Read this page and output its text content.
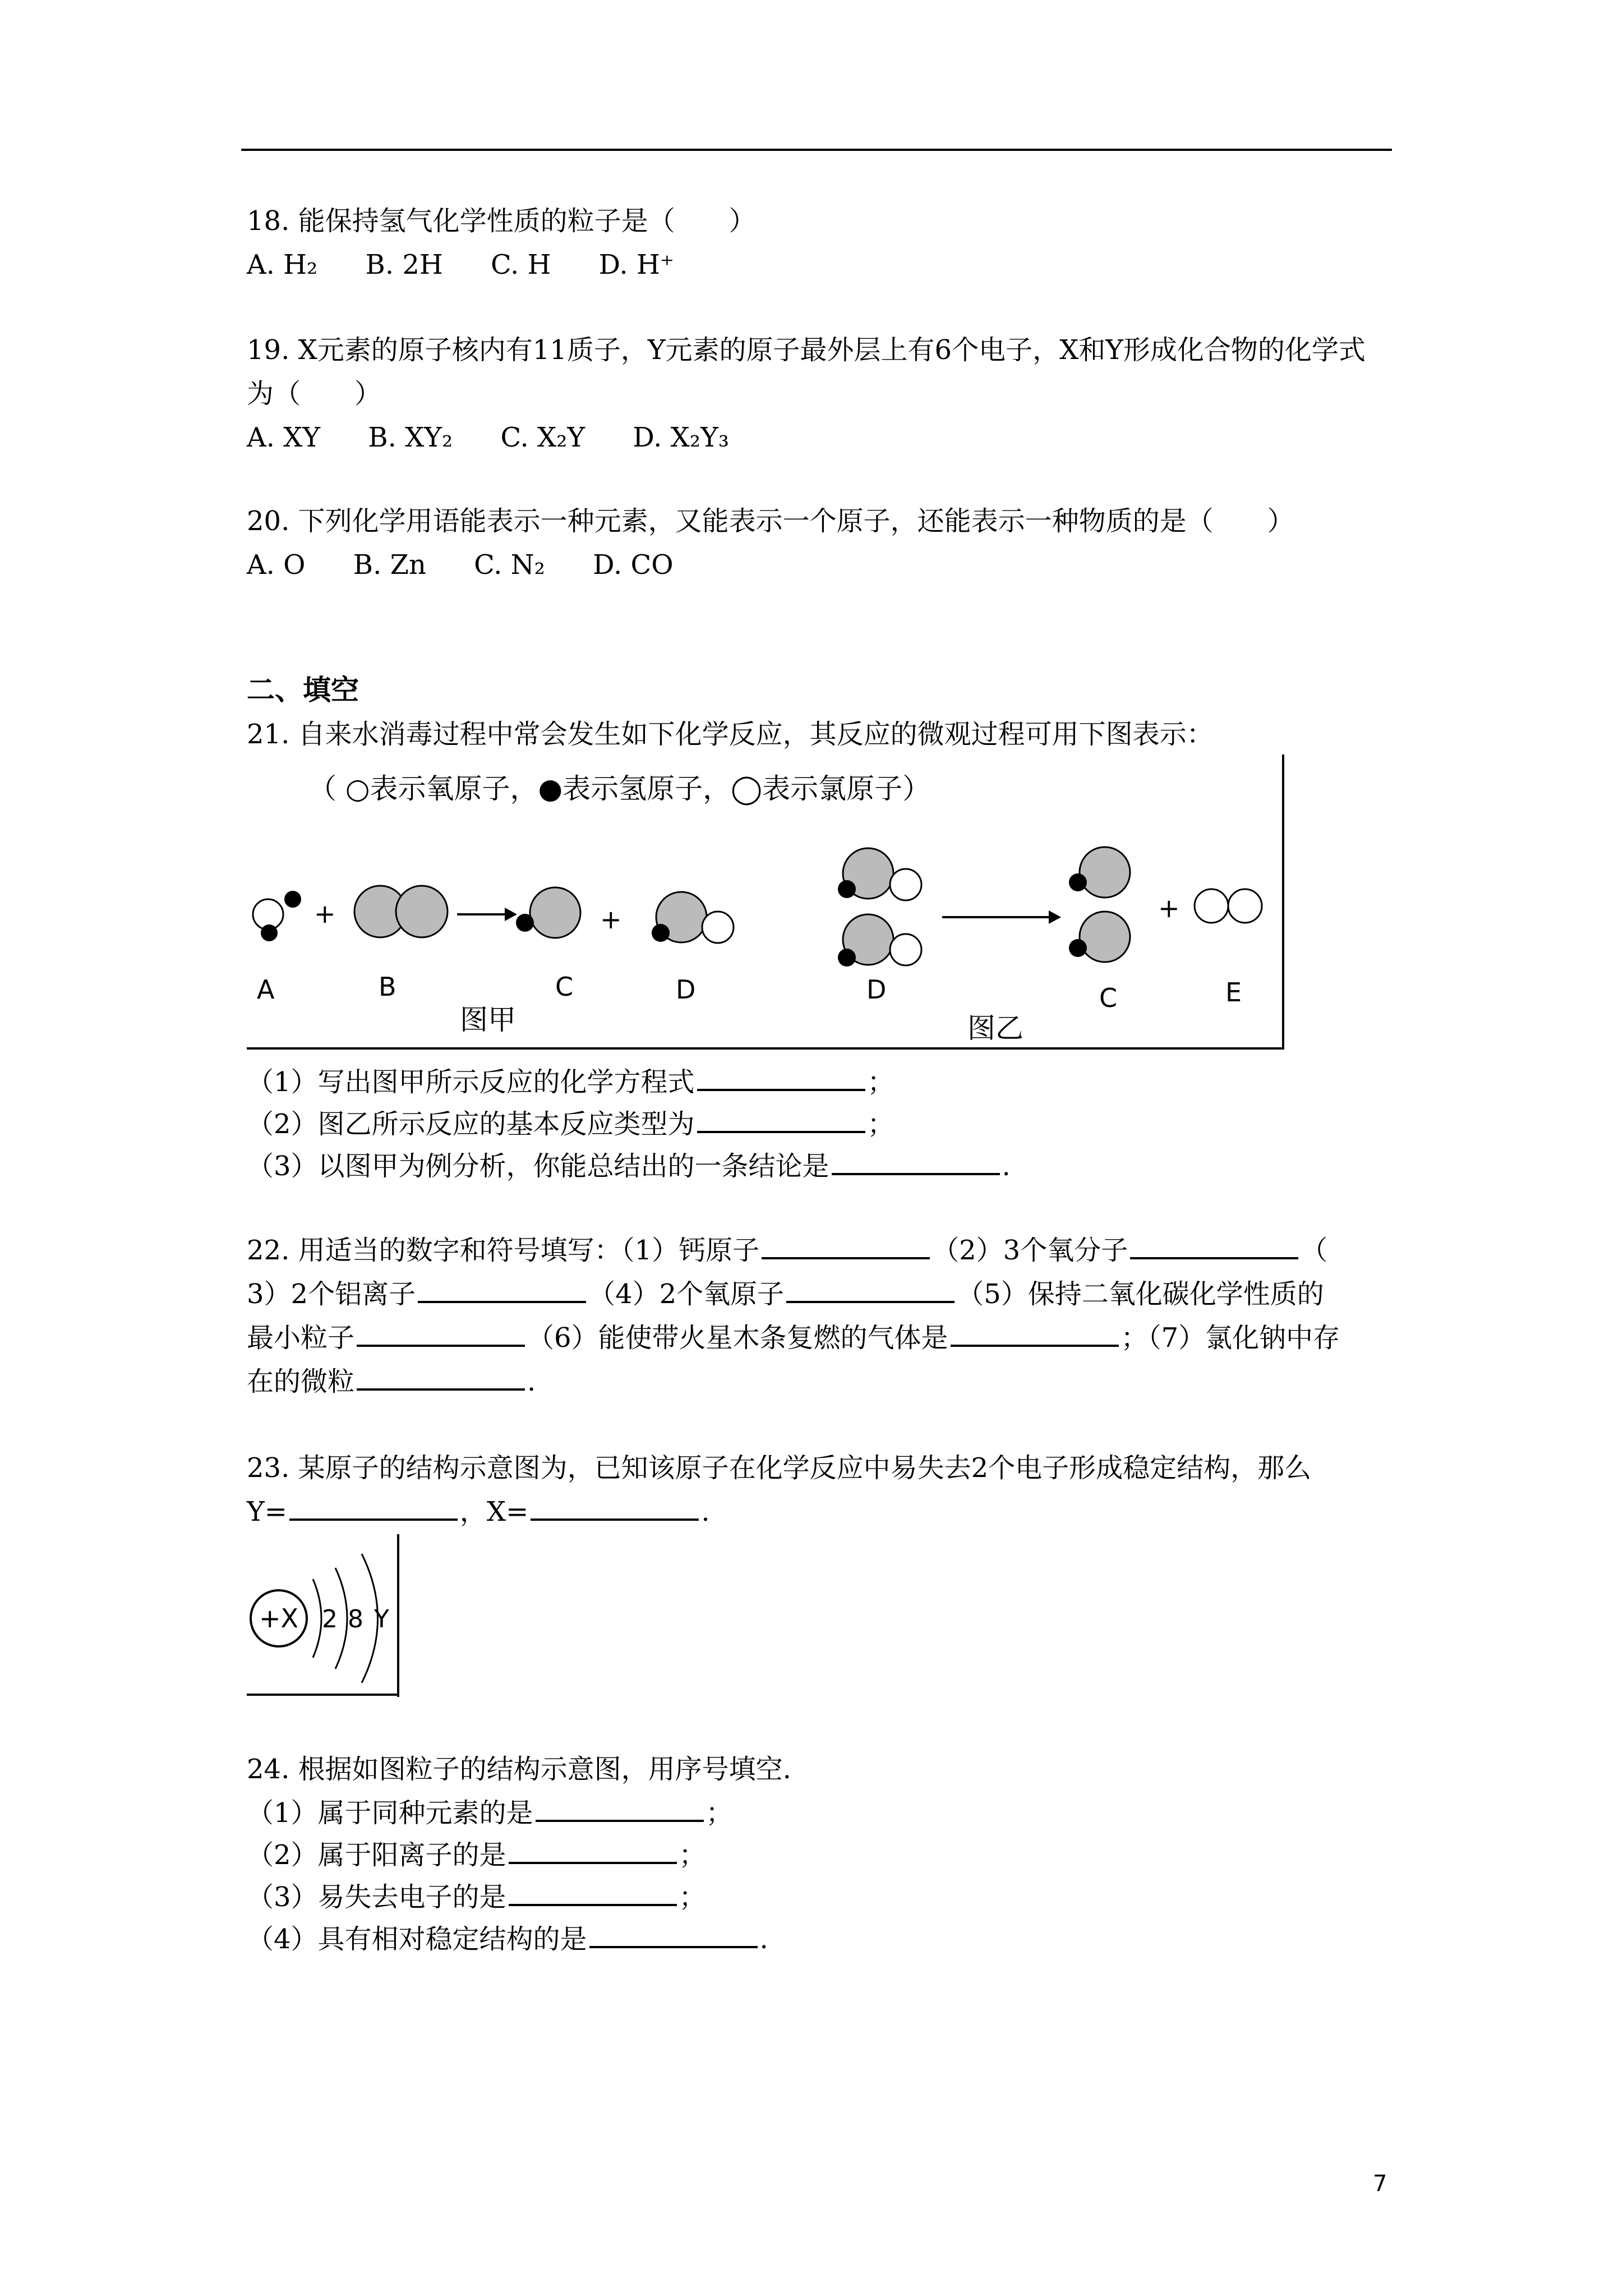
18. 能保持氢气化学性质的粒子是（　　）
A. H₂ B. 2H C. H D. H⁺
19. X元素的原子核内有11质子，Y元素的原子最外层上有6个电子，X和Y形成化合物的化学式为（　　）
A. XY B. XY₂ C. X₂Y D. X₂Y₃
20. 下列化学用语能表示一种元素，又能表示一个原子，还能表示一种物质的是（　　）
A. O B. Zn C. N₂ D. CO
二、填空
21. 自来水消毒过程中常会发生如下化学反应，其反应的微观过程可用下图表示：
（ ○表示氧原子，●表示氢原子，◯表示氯原子）
+	+	+
A	B	C	D	D	C	E
图甲	图乙
（1）写出图甲所示反应的化学方程式	；
（2）图乙所示反应的基本反应类型为	；
（3）以图甲为例分析，你能总结出的一条结论是	.
22. 用适当的数字和符号填写：（1）钙原子	（2）3个氧分子	（
3）2个铝离子	（4）2个氧原子	（5）保持二氧化碳化学性质的
最小粒子	（6）能使带火星木条复燃的气体是	；（7）氯化钠中存
在的微粒	.
23. 某原子的结构示意图为，已知该原子在化学反应中易失去2个电子形成稳定结构，那么
Y=	，X=	.
+X 2 8 Y
24. 根据如图粒子的结构示意图，用序号填空.
（1）属于同种元素的是	；
（2）属于阳离子的是	；
（3）易失去电子的是	；
（4）具有相对稳定结构的是	.
7
